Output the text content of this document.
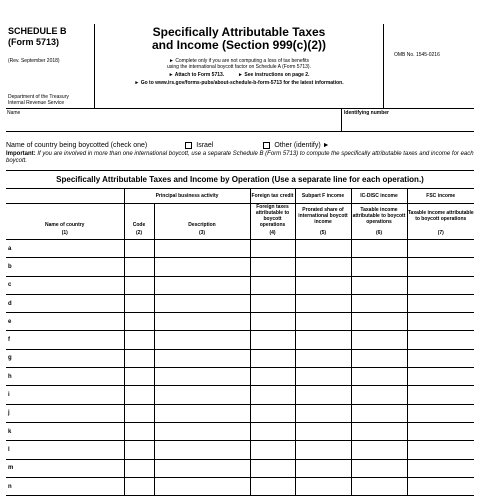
SCHEDULE B
(Form 5713)
(Rev. September 2018)
Department of the Treasury
Internal Revenue Service
Specifically Attributable Taxes
and Income (Section 999(c)(2))
► Complete only if you are not computing a loss of tax benefits
using the international boycott factor on Schedule A (Form 5713).
► Attach to Form 5713.          ► See instructions on page 2.
► Go to www.irs.gov/forms-pubs/about-schedule-b-form-5713 for the latest information.
OMB No. 1545-0216
Name	Identifying number
Name of country being boycotted (check one)	Israel	Other (identify) ►
Important: If you are involved in more than one international boycott, use a separate Schedule B (Form 5713) to compute the specifically attributable taxes and income for each boycott.
Specifically Attributable Taxes and Income by Operation (Use a separate line for each operation.)
	Principal business activity		Foreign tax credit	Subpart F income	IC-DISC income	FSC income
Name of country	Code	Description	Foreign taxes attributable to boycott operations	Prorated share of international boycott income	Taxable income attributable to boycott operations	Taxable income attributable to boycott operations
(1)	(2)	(3)	(4)	(5)	(6)	(7)
a						
b						
c						
d						
e						
f						
g						
h						
i						
j						
k						
l						
m						
n						
